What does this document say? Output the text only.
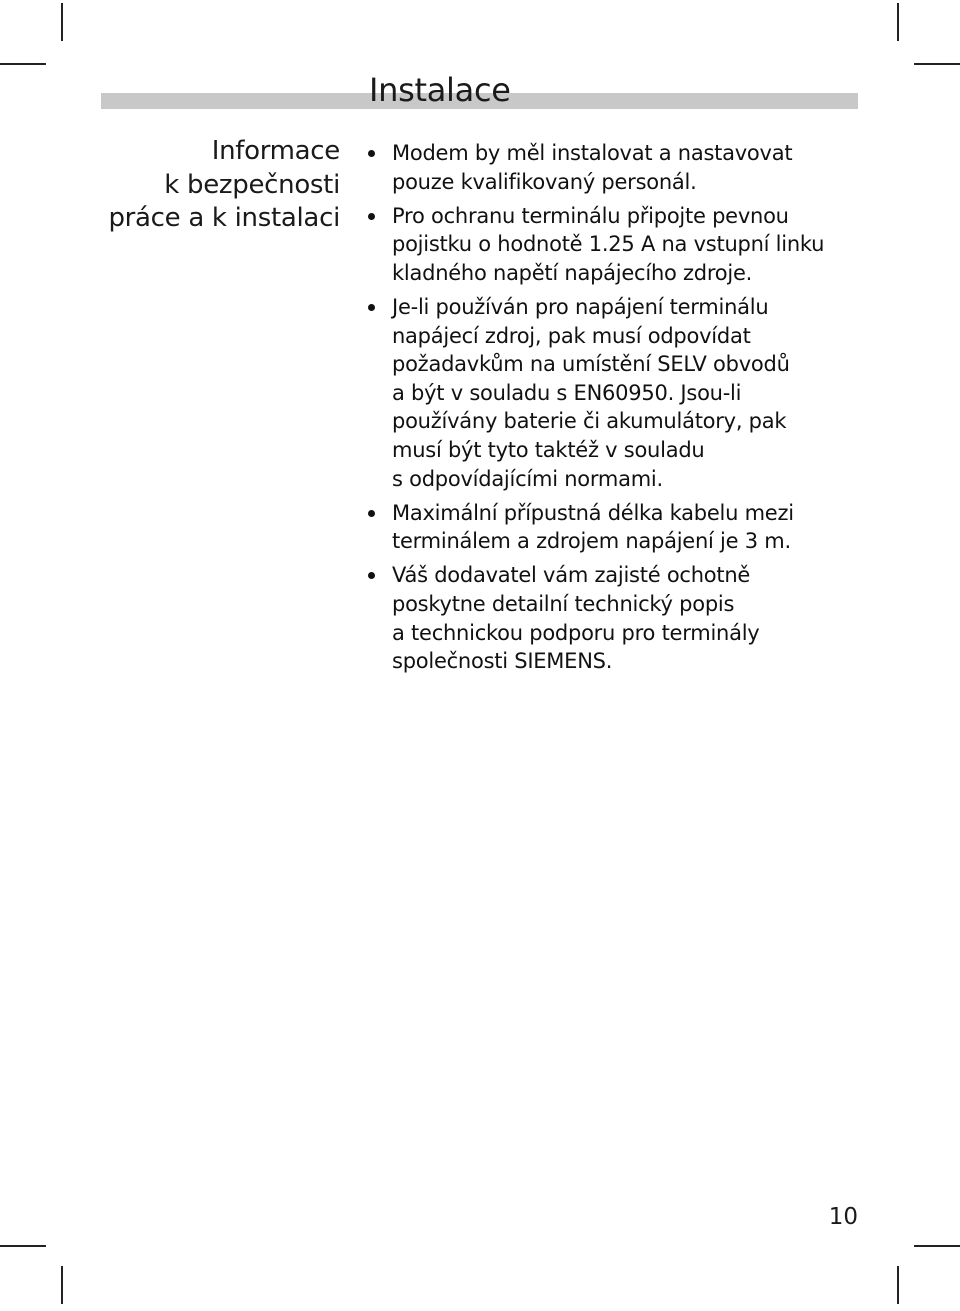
Instalace
Informace
k bezpečnosti
práce a k instalaci
Modem by měl instalovat a nastavovat
pouze kvalifikovaný personál.
Pro ochranu terminálu připojte pevnou
pojistku o hodnotě 1.25 A na vstupní linku
kladného napětí napájecího zdroje.
Je-li používán pro napájení terminálu
napájecí zdroj, pak musí odpovídat
požadavkům na umístění SELV obvodů
a být v souladu s EN60950. Jsou-li
používány baterie či akumulátory, pak
musí být tyto taktéž v souladu
s odpovídajícími normami.
Maximální přípustná délka kabelu mezi
terminálem a zdrojem napájení je 3 m.
Váš dodavatel vám zajisté ochotně
poskytne detailní technický popis
a technickou podporu pro terminály
společnosti SIEMENS.
10
